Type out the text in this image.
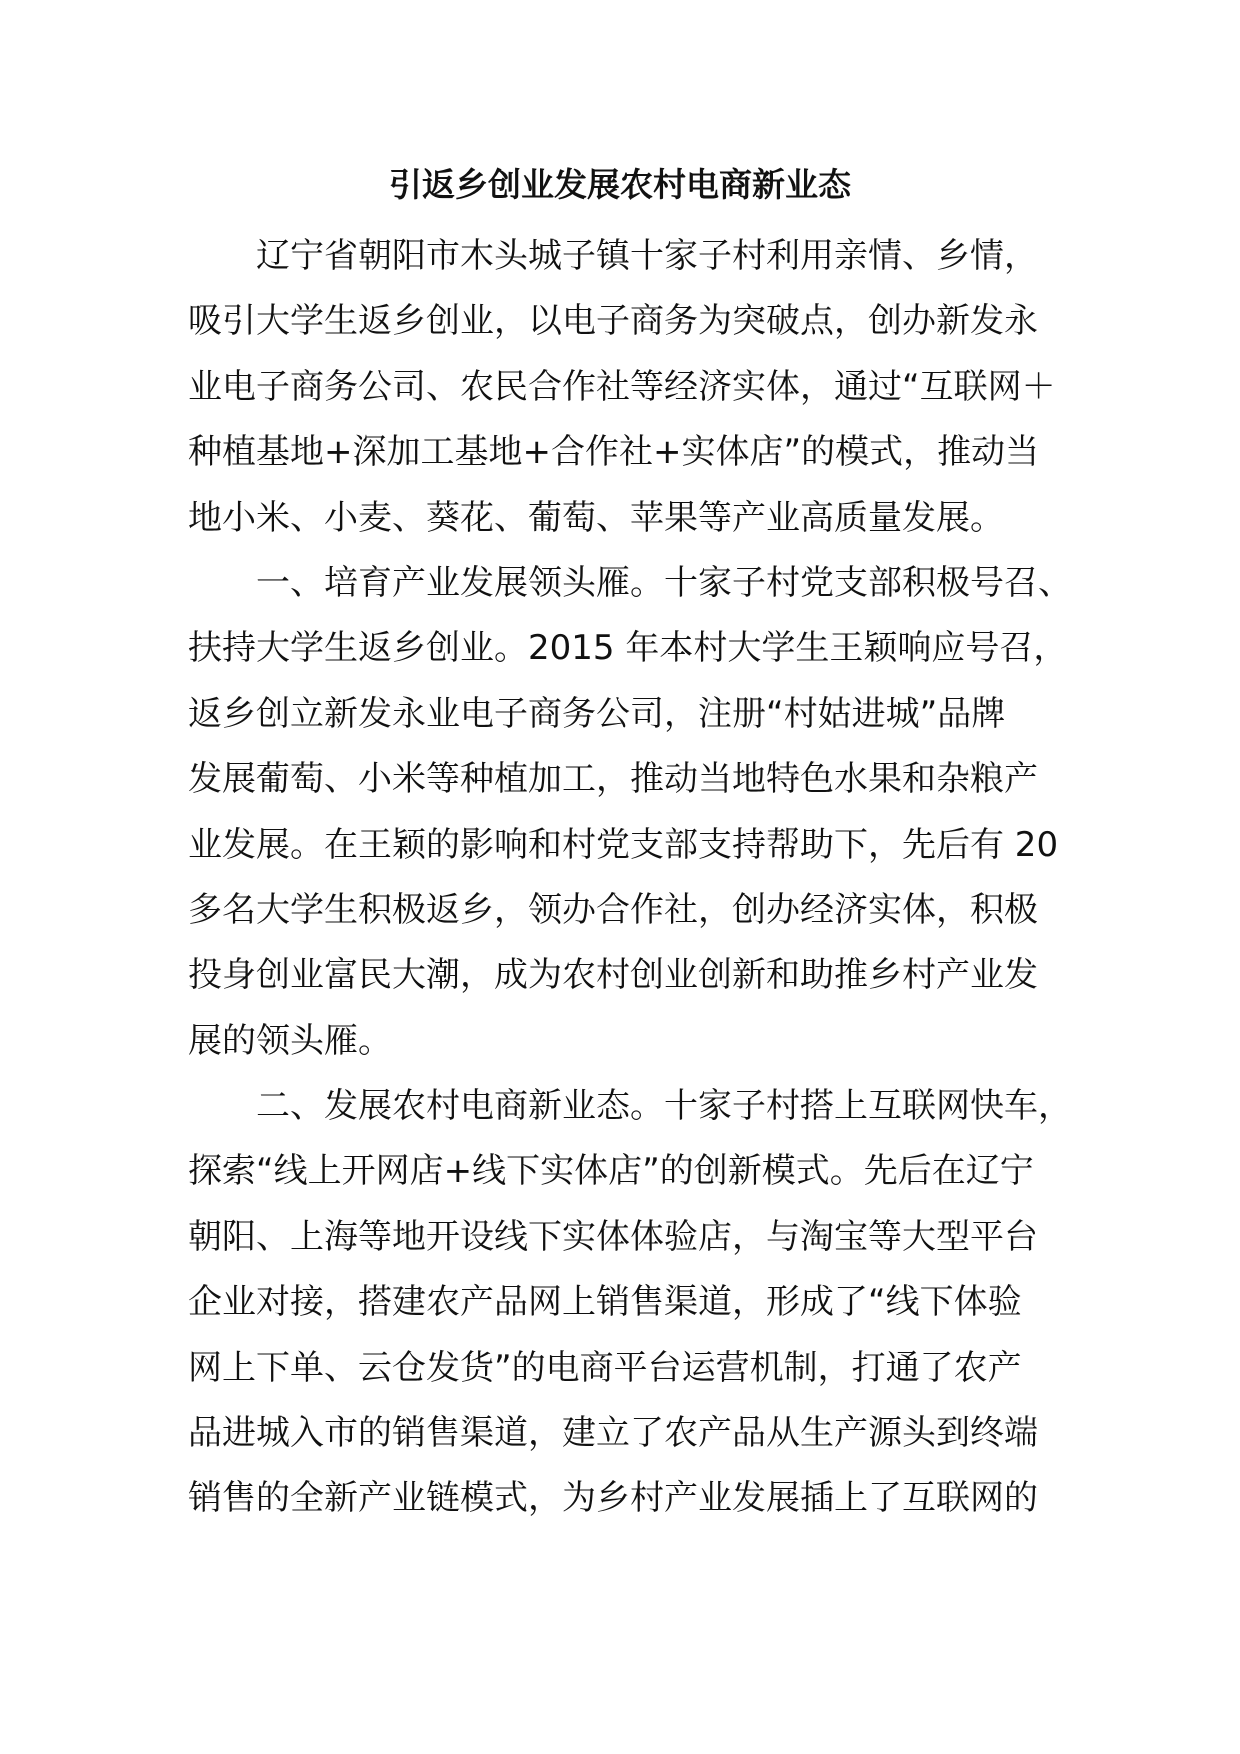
引返乡创业发展农村电商新业态
辽宁省朝阳市木头城子镇十家子村利用亲情、乡情，
吸引大学生返乡创业，以电子商务为突破点，创办新发永
业电子商务公司、农民合作社等经济实体，通过“互联网＋
种植基地+深加工基地+合作社+实体店”的模式，推动当
地小米、小麦、葵花、葡萄、苹果等产业高质量发展。
一、培育产业发展领头雁。十家子村党支部积极号召、
扶持大学生返乡创业。2015 年本村大学生王颖响应号召，
返乡创立新发永业电子商务公司，注册“村姑进城”品牌
发展葡萄、小米等种植加工，推动当地特色水果和杂粮产
业发展。在王颖的影响和村党支部支持帮助下，先后有 20
多名大学生积极返乡，领办合作社，创办经济实体，积极
投身创业富民大潮，成为农村创业创新和助推乡村产业发
展的领头雁。
二、发展农村电商新业态。十家子村搭上互联网快车，
探索“线上开网店+线下实体店”的创新模式。先后在辽宁
朝阳、上海等地开设线下实体体验店，与淘宝等大型平台
企业对接，搭建农产品网上销售渠道，形成了“线下体验
网上下单、云仓发货”的电商平台运营机制，打通了农产
品进城入市的销售渠道，建立了农产品从生产源头到终端
销售的全新产业链模式，为乡村产业发展插上了互联网的
